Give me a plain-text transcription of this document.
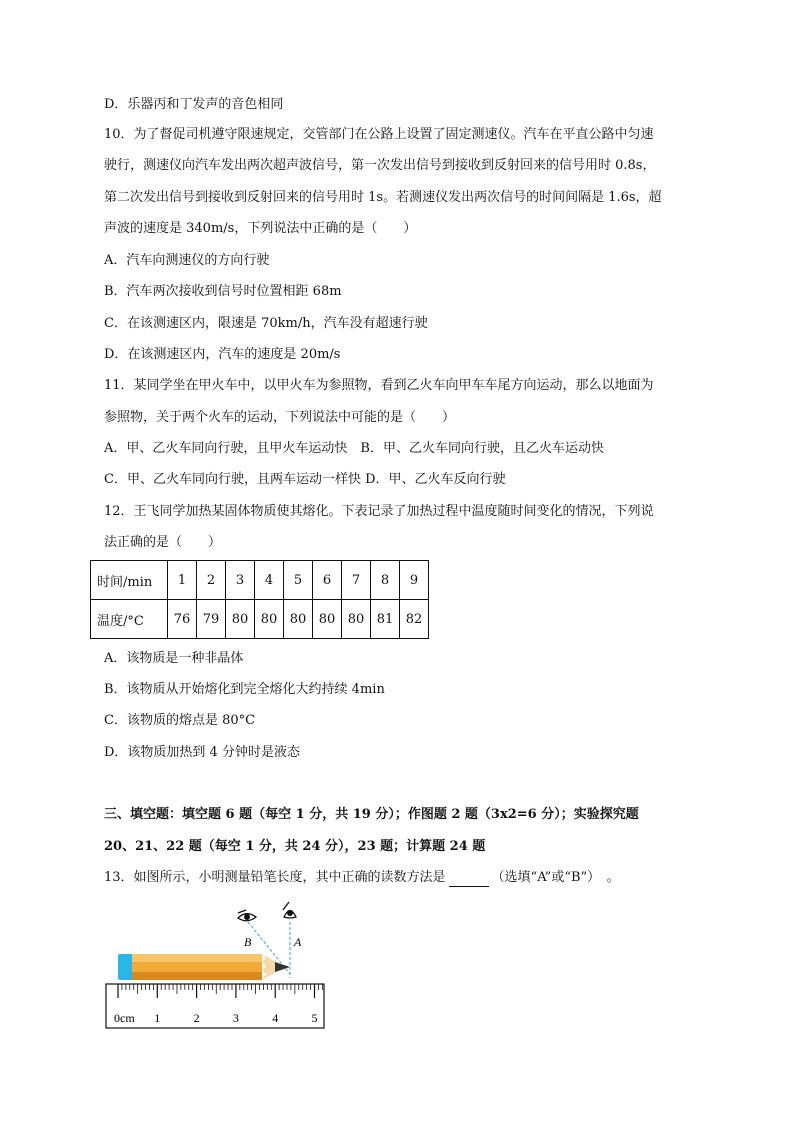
D．乐器丙和丁发声的音色相同
10．为了督促司机遵守限速规定，交管部门在公路上设置了固定测速仪。汽车在平直公路中匀速
驶行，测速仪向汽车发出两次超声波信号，第一次发出信号到接收到反射回来的信号用时 0.8s，
第二次发出信号到接收到反射回来的信号用时 1s。若测速仪发出两次信号的时间间隔是 1.6s，超
声波的速度是 340m/s，下列说法中正确的是（　　）
A．汽车向测速仪的方向行驶
B．汽车两次接收到信号时位置相距 68m
C．在该测速区内，限速是 70km/h，汽车没有超速行驶
D．在该测速区内，汽车的速度是 20m/s
11．某同学坐在甲火车中，以甲火车为参照物，看到乙火车向甲车车尾方向运动，那么以地面为
参照物，关于两个火车的运动，下列说法中可能的是（　　）
A．甲、乙火车同向行驶，且甲火车运动快　B．甲、乙火车同向行驶，且乙火车运动快
C．甲、乙火车同向行驶，且两车运动一样快 D．甲、乙火车反向行驶
12．王飞同学加热某固体物质使其熔化。下表记录了加热过程中温度随时间变化的情况，下列说
法正确的是（　　）
时间/min	1	2	3	4	5	6	7	8	9
温度/°C	76	79	80	80	80	80	80	81	82
A．该物质是一种非晶体
B．该物质从开始熔化到完全熔化大约持续 4min
C．该物质的熔点是 80°C
D．该物质加热到 4 分钟时是液态
三、填空题：填空题 6 题（每空 1 分，共 19 分）；作图题 2 题（3x2=6 分）；实验探究题
20、21、22 题（每空 1 分，共 24 分），23 题；计算题 24 题
13．如图所示，小明测量铅笔长度，其中正确的读数方法是	（选填“A”或“B”）　。
B	A
0cm 1	2	3	4	5
